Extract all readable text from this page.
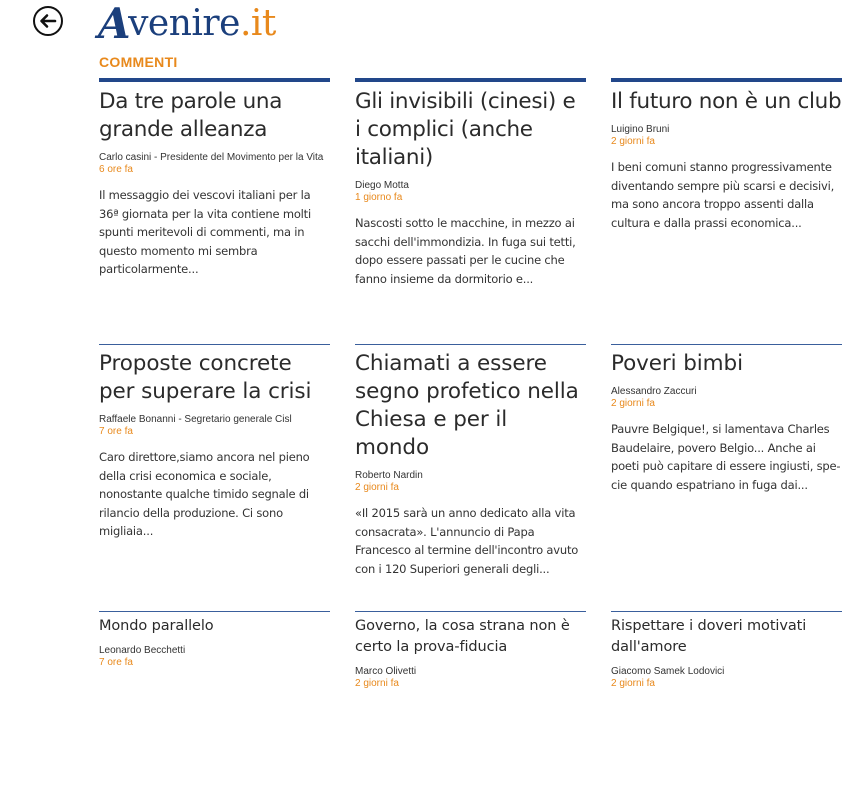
A
venire .it
COMMENTI
Da tre parole una grande alleanza
Carlo casini - Presidente del Movimento per la Vita
6 ore fa
Il messaggio dei vescovi italiani per la 36ª giornata per la vita contiene molti spunti meritevoli di commenti, ma in questo momento mi sembra particolarmente...
Gli invisibili (cinesi) e i complici (anche italiani)
Diego Motta
1 giorno fa
Nascosti sotto le macchine, in mezzo ai sacchi dell'immondizia. In fuga sui tetti, dopo essere passati per le cucine che fanno insieme da dormitorio e...
Il futuro non è un club
Luigino Bruni
2 giorni fa
I beni comuni stanno progressivamente diventando sempre più scarsi e decisivi, ma sono ancora troppo assenti dalla cultura e dalla prassi economica...
Proposte concrete per superare la crisi
Raffaele Bonanni - Segretario generale Cisl
7 ore fa
Caro direttore,siamo ancora nel pieno della crisi economica e sociale, nonostante qualche timido segnale di rilancio della produzione. Ci sono migliaia...
Chiamati a essere segno profetico nella Chiesa e per il mondo
Roberto Nardin
2 giorni fa
«Il 2015 sarà un anno dedicato alla vita consacrata». L'annuncio di Papa Francesco al termine dell'incontro avuto con i 120 Superiori generali degli...
Poveri bimbi
Alessandro Zaccuri
2 giorni fa
Pauvre Belgique!, si lamentava Charles Baudelaire, povero Belgio... Anche ai poeti può capitare di essere ingiusti, spe-cie quando espatriano in fuga dai...
Mondo parallelo
Leonardo Becchetti
7 ore fa
Governo, la cosa strana non è certo la prova-fiducia
Marco Olivetti
2 giorni fa
Rispettare i doveri motivati dall'amore
Giacomo Samek Lodovici
2 giorni fa
